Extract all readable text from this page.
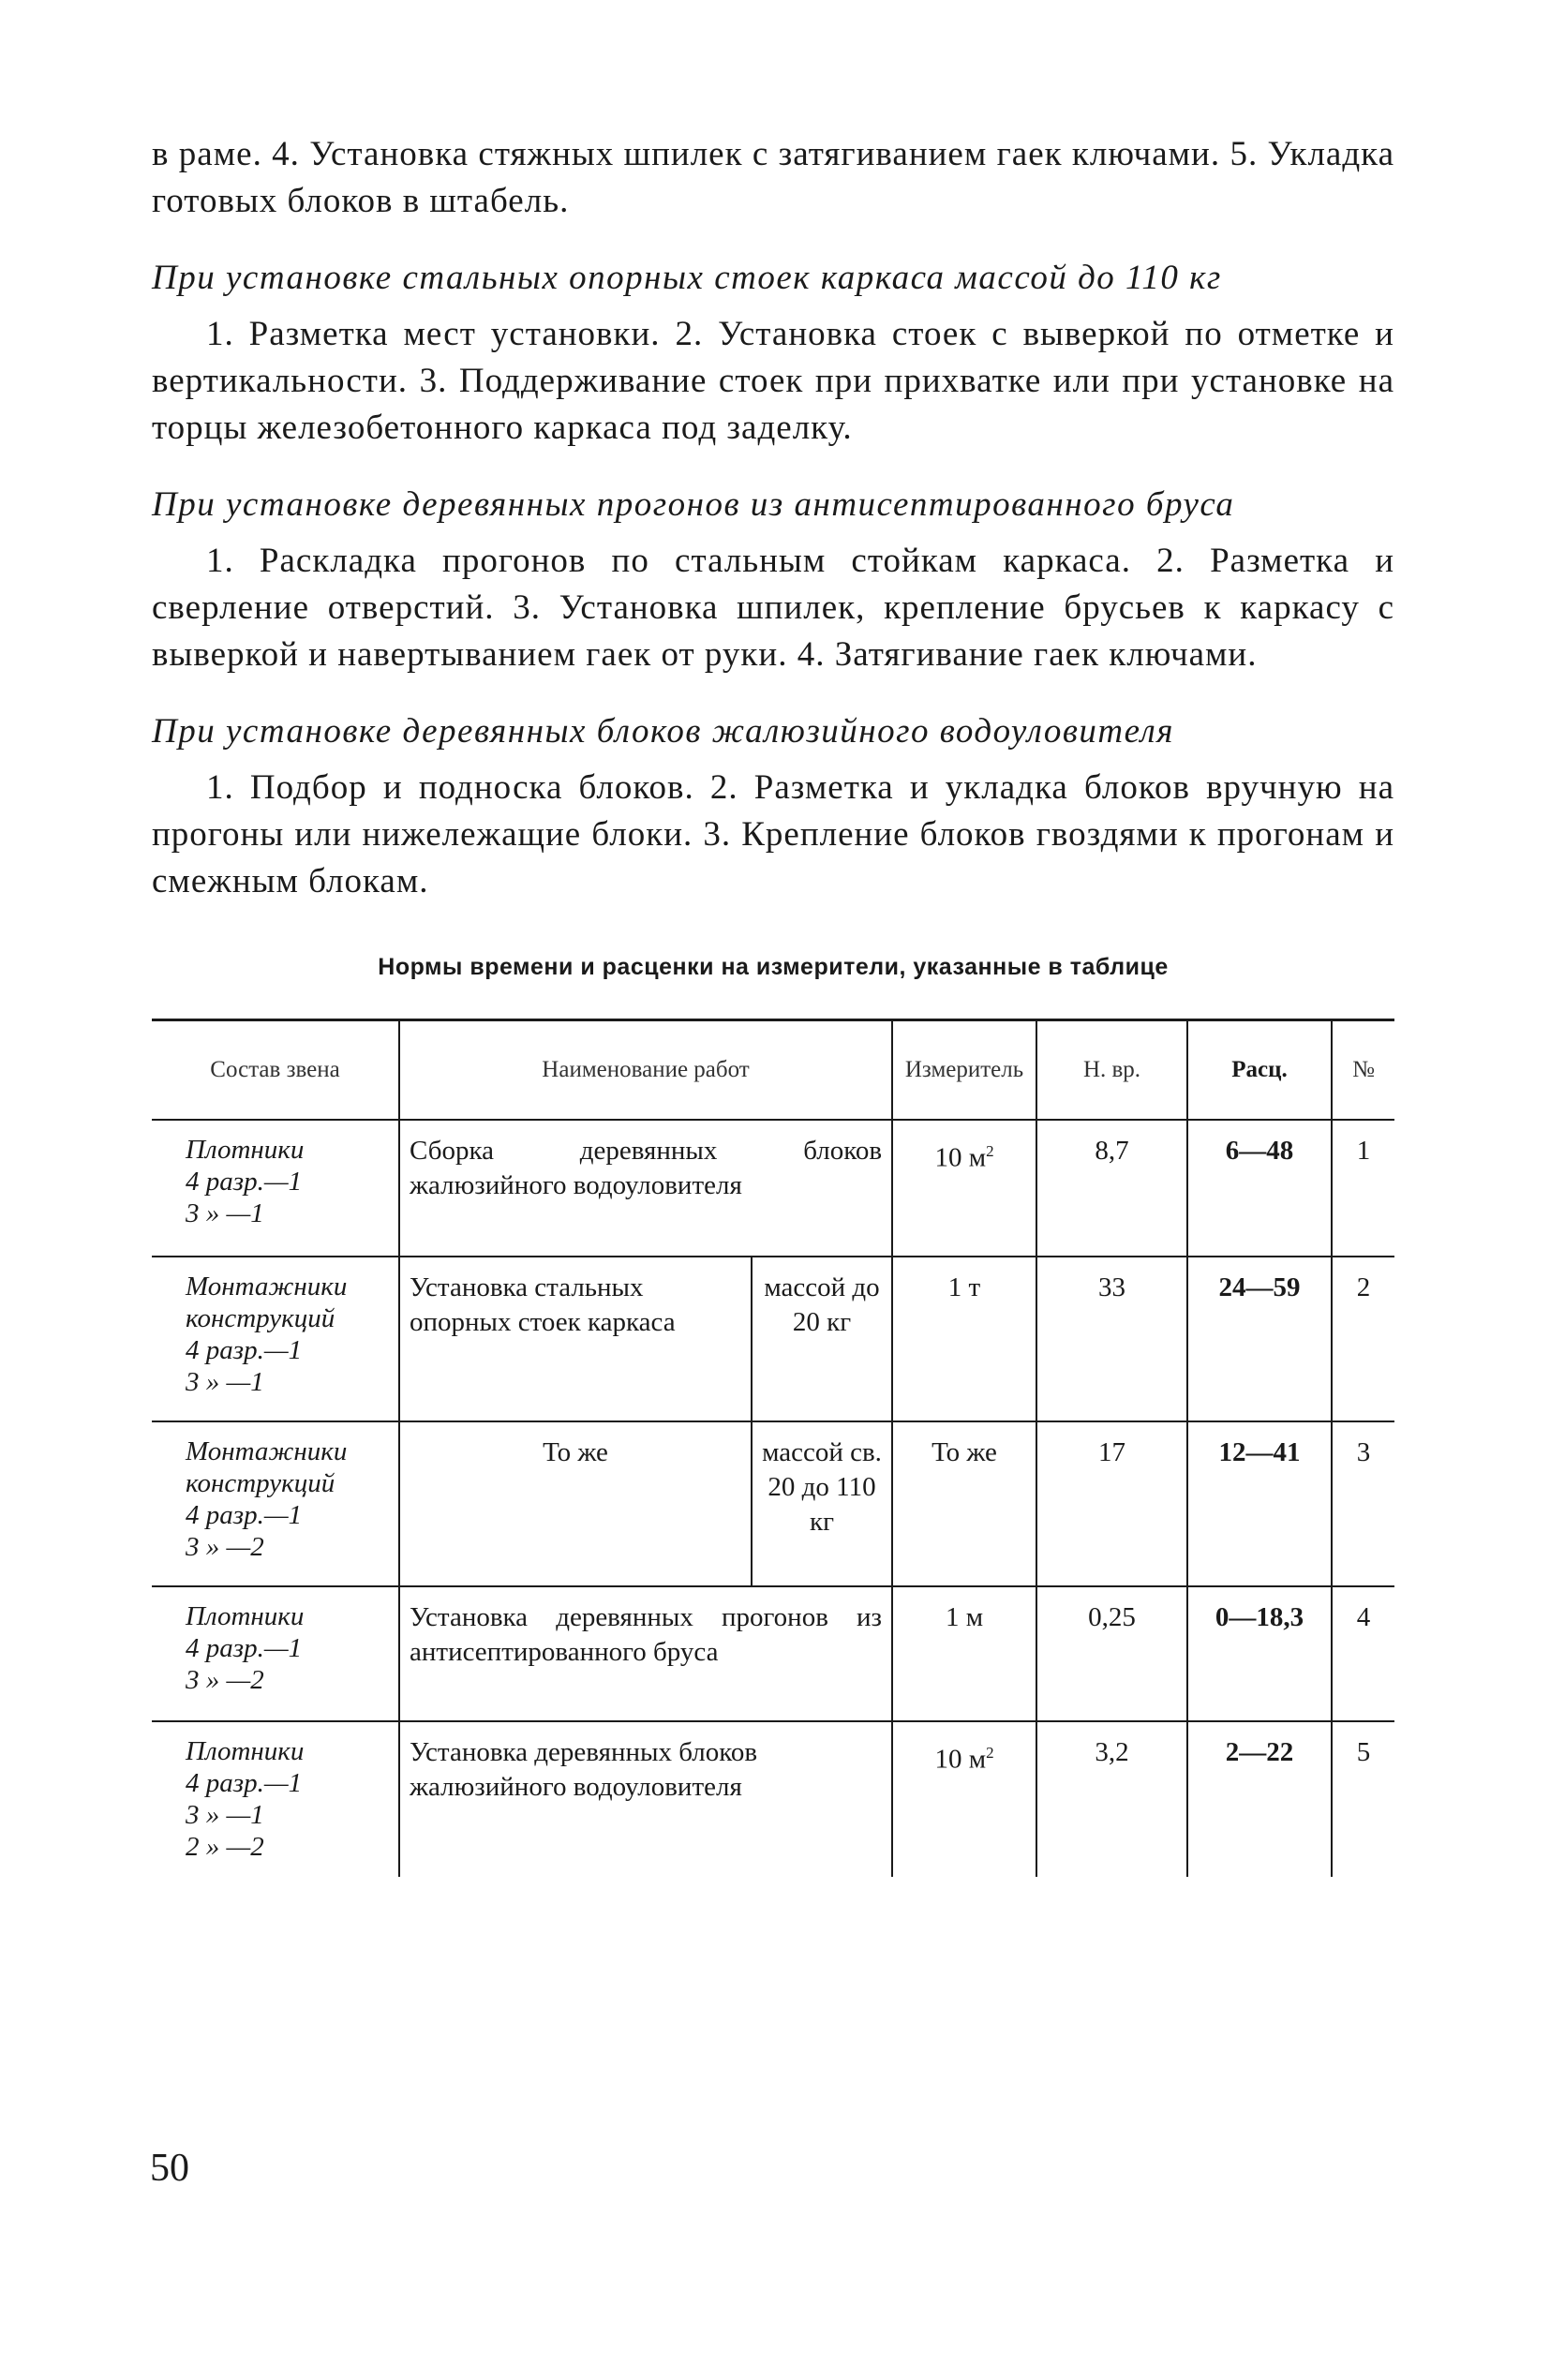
в раме. 4. Установка стяжных шпилек с затягиванием гаек ключами. 5. Укладка готовых блоков в штабель.

При установке стальных опорных стоек каркаса массой до 110 кг

1. Разметка мест установки. 2. Установка стоек с выверкой по отметке и вертикальности. 3. Поддерживание стоек при прихватке или при установке на торцы железобетонного каркаса под заделку.

При установке деревянных прогонов из антисептированного бруса

1. Раскладка прогонов по стальным стойкам каркаса. 2. Разметка и сверление отверстий. 3. Установка шпилек, крепление брусьев к каркасу с выверкой и навертыванием гаек от руки. 4. Затягивание гаек ключами.

При установке деревянных блоков жалюзийного водоуловителя

1. Подбор и подноска блоков. 2. Разметка и укладка блоков вручную на прогоны или нижележащие блоки. 3. Крепление блоков гвоздями к прогонам и смежным блокам.

Нормы времени и расценки на измерители, указанные в таблице
Состав звена	Наименование работ		Измеритель	Н. вр.	Расц.	№

Плотники
4 разр.—1
3 » —1	Сборка деревянных блоков жалюзийного водоуловителя		10 $м^2$	8,7	6—48	1

Монтажники
конструкций
4 разр.—1
3 » —1	Установка стальных опорных стоек каркаса	массой до 20 кг	1 т	33	24—59	2

Монтажники
конструкций
4 разр.—1
3 » —2	То же	массой св. 20 до 110 кг	То же	17	12—41	3

Плотники
4 разр.—1
3 » —2	Установка деревянных прогонов из антисептированного бруса		1 м	0,25	0—18,3	4

Плотники
4 разр.—1
3 » —1
2 » —2	Установка деревянных блоков жалюзийного водоуловителя		10 $м^2$	3,2	2—22	5
50
